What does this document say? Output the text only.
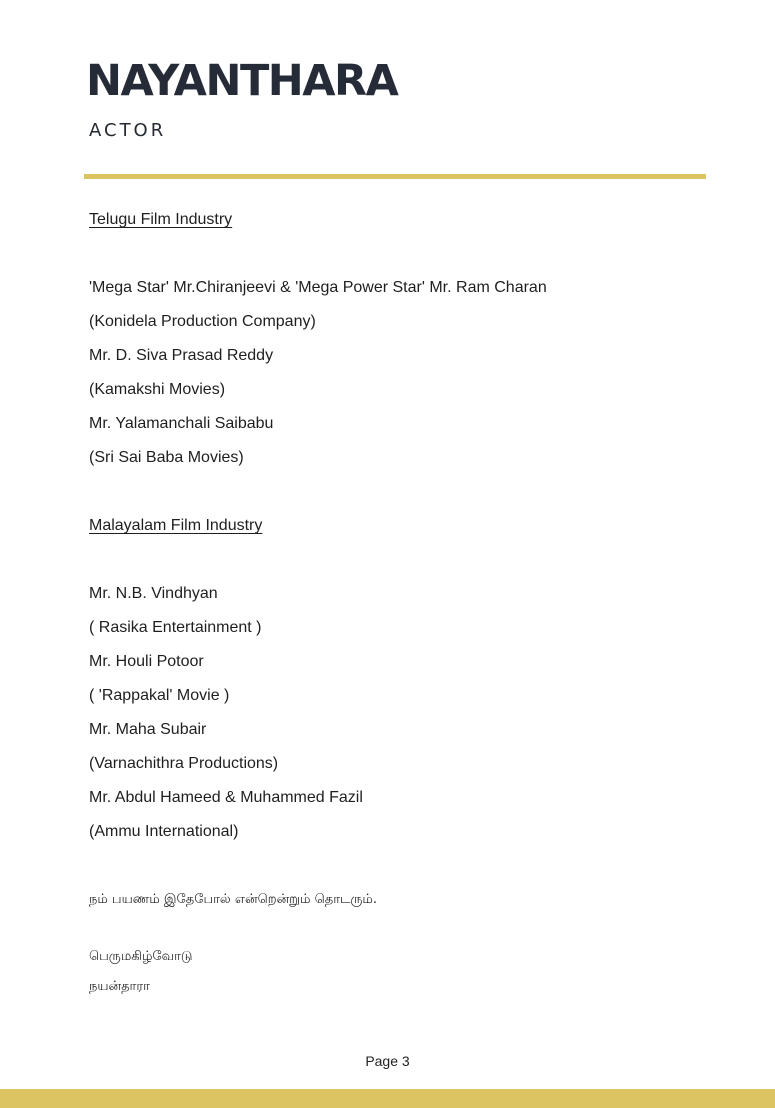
NAYANTHARA
ACTOR
Telugu Film Industry
'Mega Star' Mr.Chiranjeevi & 'Mega Power Star' Mr. Ram Charan
(Konidela Production Company)
Mr. D. Siva Prasad Reddy
(Kamakshi Movies)
Mr. Yalamanchali Saibabu
(Sri Sai Baba Movies)
Malayalam Film Industry
Mr. N.B. Vindhyan
( Rasika Entertainment )
Mr. Houli Potoor
( 'Rappakal' Movie )
Mr. Maha Subair
(Varnachithra Productions)
Mr. Abdul Hameed & Muhammed Fazil
(Ammu International)
நம் பயணம் இதேபோல் என்றென்றும் தொடரும்.
பெருமகிழ்வோடு
நயன்தாரா
Page 3
